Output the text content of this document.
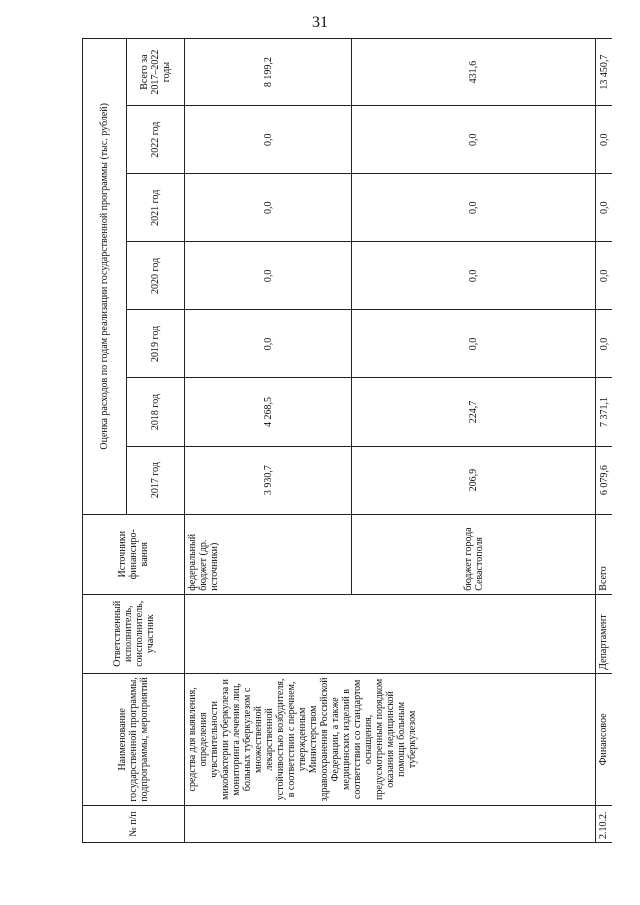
31
№ п/п	Наименование государственной программы, подпрограммы, мероприятий	Ответственный исполнитель, соисполнитель, участник	Источники финансиро-вания	Оценка расходов по годам реализации государственной программы (тыс. рублей)						
				2017 год	2018 год	2019 год	2020 год	2021 год	2022 год	Всего за 2017–2022 годы
	средства для выявления, определения чувствительности микобактерии туберкулеза и мониторинга лечения лиц, больных туберкулезом с множественной лекарственной устойчивостью возбудителя, в соответствии с перечнем, утвержденным Министерством здравоохранения Российской Федерации, а также медицинских изделий в соответствии со стандартом оснащения, предусмотренным порядком оказания медицинской помощи больным туберкулезом		федеральный бюджет (др. источники)	3 930,7	4 268,5	0,0	0,0	0,0	0,0	8 199,2
			бюджет города Севастополя	206,9	224,7	0,0	0,0	0,0	0,0	431,6
2.10.2.	Финансовое	Департамент	Всего	6 079,6	7 371,1	0,0	0,0	0,0	0,0	13 450,7
